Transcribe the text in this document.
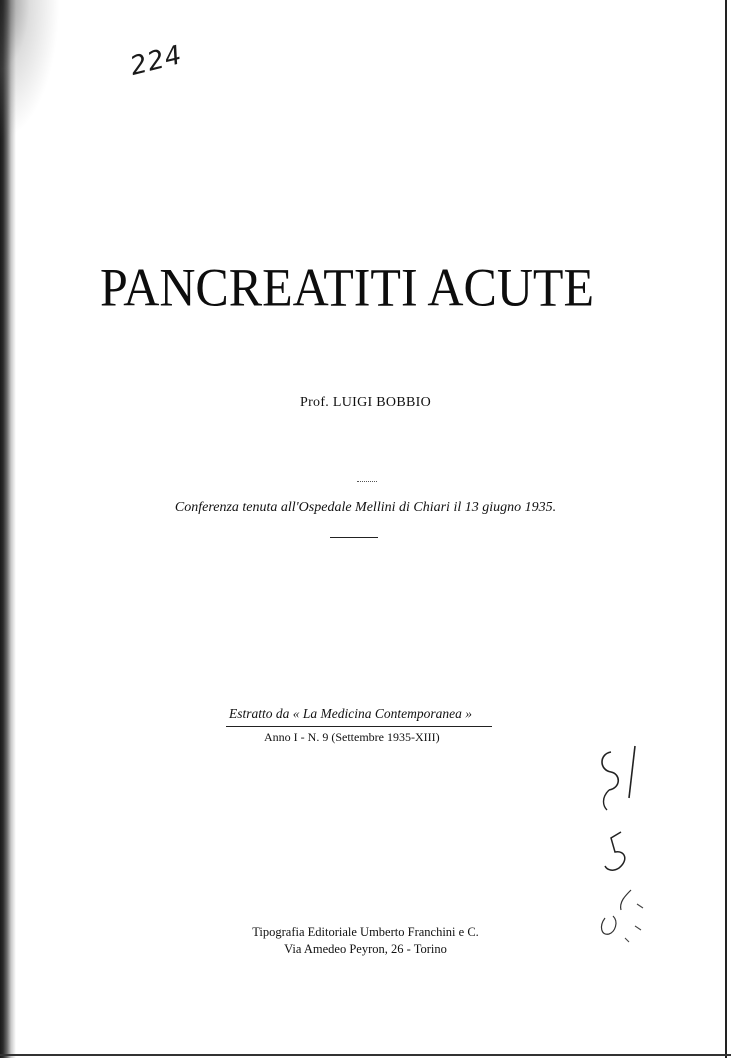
224
PANCREATITI ACUTE
Prof. LUIGI BOBBIO
Conferenza tenuta all'Ospedale Mellini di Chiari il 13 giugno 1935.
Estratto da « La Medicina Contemporanea »
Anno I - N. 9 (Settembre 1935-XIII)
Tipografia Editoriale Umberto Franchini e C.
Via Amedeo Peyron, 26 - Torino
